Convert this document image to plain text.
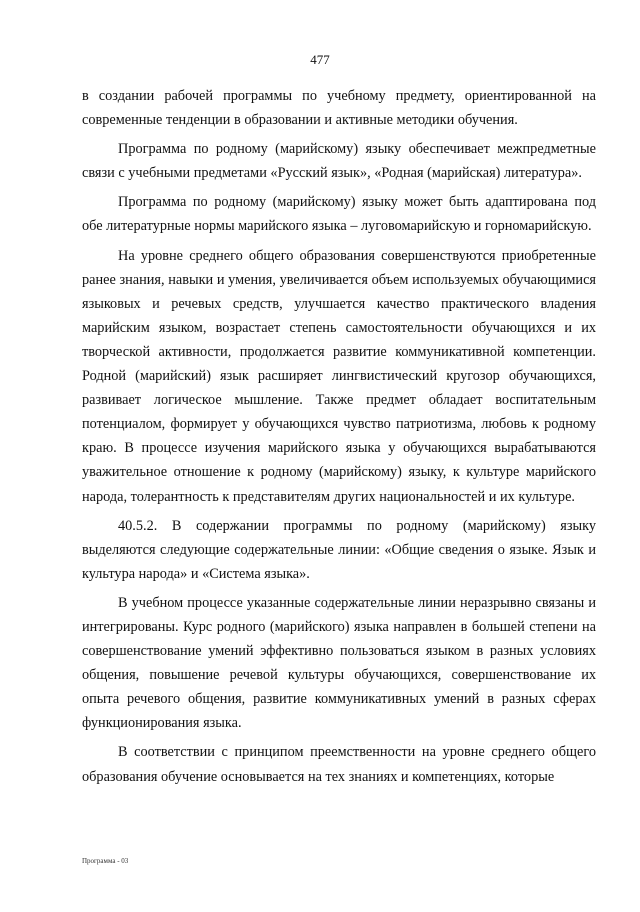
477

в создании рабочей программы по учебному предмету, ориентированной на современные тенденции в образовании и активные методики обучения.

Программа по родному (марийскому) языку обеспечивает межпредметные связи с учебными предметами «Русский язык», «Родная (марийская) литература».

Программа по родному (марийскому) языку может быть адаптирована под обе литературные нормы марийского языка – луговомарийскую и горномарийскую.

На уровне среднего общего образования совершенствуются приобретенные ранее знания, навыки и умения, увеличивается объем используемых обучающимися языковых и речевых средств, улучшается качество практического владения марийским языком, возрастает степень самостоятельности обучающихся и их творческой активности, продолжается развитие коммуникативной компетенции. Родной (марийский) язык расширяет лингвистический кругозор обучающихся, развивает логическое мышление. Также предмет обладает воспитательным потенциалом, формирует у обучающихся чувство патриотизма, любовь к родному краю. В процессе изучения марийского языка у обучающихся вырабатываются уважительное отношение к родному (марийскому) языку, к культуре марийского народа, толерантность к представителям других национальностей и их культуре.

40.5.2. В содержании программы по родному (марийскому) языку выделяются следующие содержательные линии: «Общие сведения о языке. Язык и культура народа» и «Система языка».

В учебном процессе указанные содержательные линии неразрывно связаны и интегрированы. Курс родного (марийского) языка направлен в большей степени на совершенствование умений эффективно пользоваться языком в разных условиях общения, повышение речевой культуры обучающихся, совершенствование их опыта речевого общения, развитие коммуникативных умений в разных сферах функционирования языка.

В соответствии с принципом преемственности на уровне среднего общего образования обучение основывается на тех знаниях и компетенциях, которые

Программа - 03
